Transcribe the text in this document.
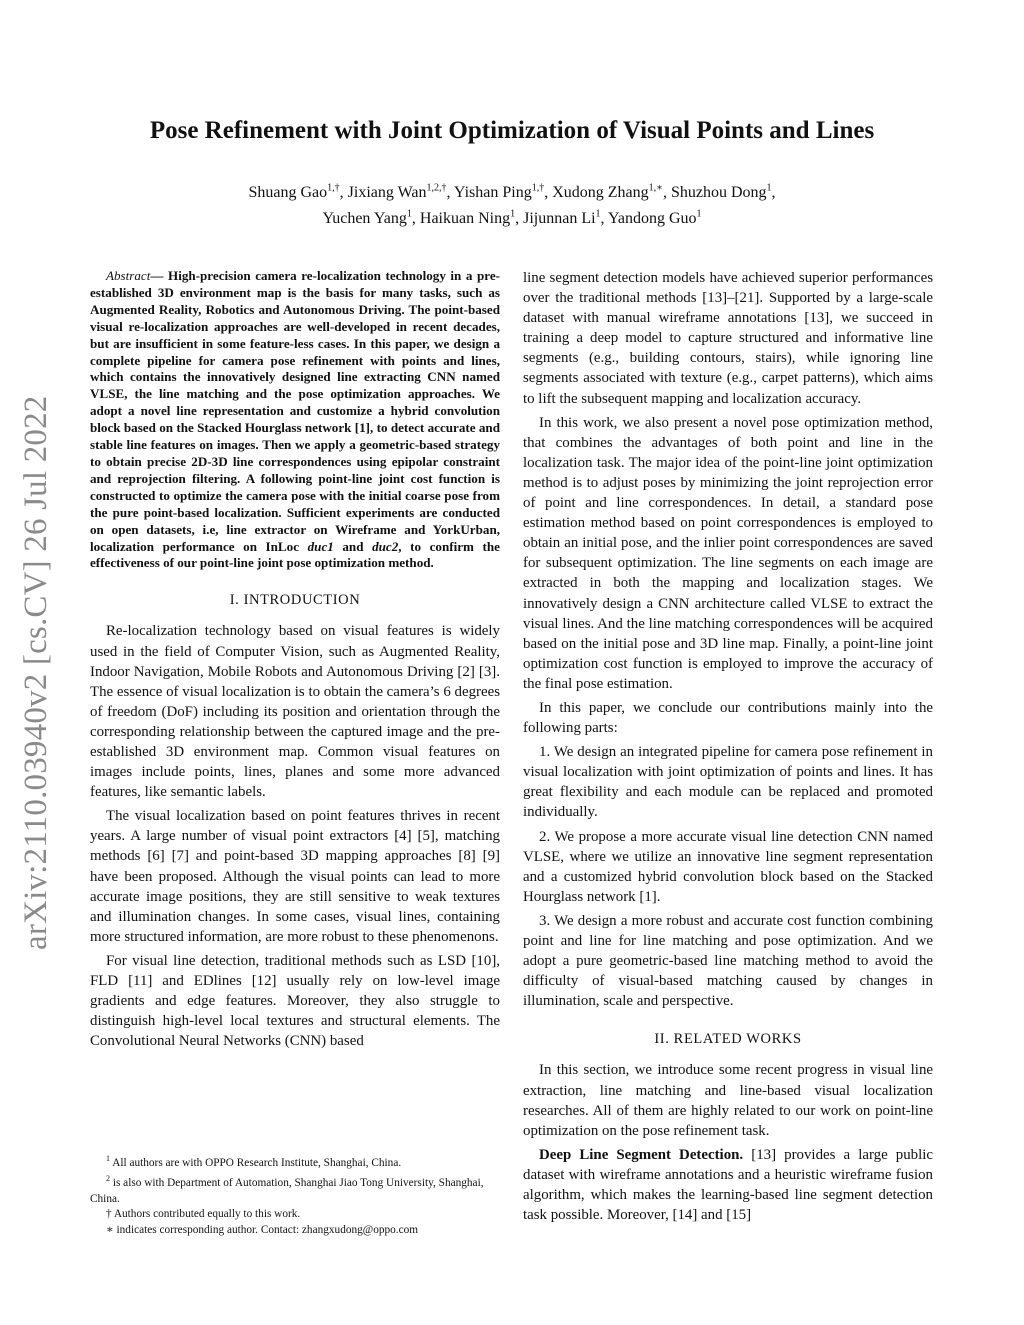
arXiv:2110.03940v2 [cs.CV] 26 Jul 2022
Pose Refinement with Joint Optimization of Visual Points and Lines
Shuang Gao$^{1,\dagger}$, Jixiang Wan$^{1,2,\dagger}$, Yishan Ping$^{1,\dagger}$, Xudong Zhang$^{1,∗}$, Shuzhou Dong$^1$,
Yuchen Yang$^1$, Haikuan Ning$^1$, Jijunnan Li$^1$, Yandong Guo$^1$

Abstract— High-precision camera re-localization technology in a pre-established 3D environment map is the basis for many tasks, such as Augmented Reality, Robotics and Autonomous Driving. The point-based visual re-localization approaches are well-developed in recent decades, but are insufficient in some feature-less cases. In this paper, we design a complete pipeline for camera pose refinement with points and lines, which contains the innovatively designed line extracting CNN named VLSE, the line matching and the pose optimization approaches. We adopt a novel line representation and customize a hybrid convolution block based on the Stacked Hourglass network [1], to detect accurate and stable line features on images. Then we apply a geometric-based strategy to obtain precise 2D-3D line correspondences using epipolar constraint and reprojection filtering. A following point-line joint cost function is constructed to optimize the camera pose with the initial coarse pose from the pure point-based localization. Sufficient experiments are conducted on open datasets, i.e, line extractor on Wireframe and YorkUrban, localization performance on InLoc duc1 and duc2, to confirm the effectiveness of our point-line joint pose optimization method.

I. INTRODUCTION

Re-localization technology based on visual features is widely used in the field of Computer Vision, such as Augmented Reality, Indoor Navigation, Mobile Robots and Autonomous Driving [2] [3]. The essence of visual localization is to obtain the camera’s 6 degrees of freedom (DoF) including its position and orientation through the corresponding relationship between the captured image and the pre-established 3D environment map. Common visual features on images include points, lines, planes and some more advanced features, like semantic labels.

The visual localization based on point features thrives in recent years. A large number of visual point extractors [4] [5], matching methods [6] [7] and point-based 3D mapping approaches [8] [9] have been proposed. Although the visual points can lead to more accurate image positions, they are still sensitive to weak textures and illumination changes. In some cases, visual lines, containing more structured information, are more robust to these phenomenons.

For visual line detection, traditional methods such as LSD [10], FLD [11] and EDlines [12] usually rely on low-level image gradients and edge features. Moreover, they also struggle to distinguish high-level local textures and structural elements. The Convolutional Neural Networks (CNN) based

$^1$ All authors are with OPPO Research Institute, Shanghai, China.
$^2$ is also with Department of Automation, Shanghai Jiao Tong University, Shanghai, China.
† Authors contributed equally to this work.
∗ indicates corresponding author. Contact: zhangxudong@oppo.com

line segment detection models have achieved superior performances over the traditional methods [13]–[21]. Supported by a large-scale dataset with manual wireframe annotations [13], we succeed in training a deep model to capture structured and informative line segments (e.g., building contours, stairs), while ignoring line segments associated with texture (e.g., carpet patterns), which aims to lift the subsequent mapping and localization accuracy.

In this work, we also present a novel pose optimization method, that combines the advantages of both point and line in the localization task. The major idea of the point-line joint optimization method is to adjust poses by minimizing the joint reprojection error of point and line correspondences. In detail, a standard pose estimation method based on point correspondences is employed to obtain an initial pose, and the inlier point correspondences are saved for subsequent optimization. The line segments on each image are extracted in both the mapping and localization stages. We innovatively design a CNN architecture called VLSE to extract the visual lines. And the line matching correspondences will be acquired based on the initial pose and 3D line map. Finally, a point-line joint optimization cost function is employed to improve the accuracy of the final pose estimation.

In this paper, we conclude our contributions mainly into the following parts:

1. We design an integrated pipeline for camera pose refinement in visual localization with joint optimization of points and lines. It has great flexibility and each module can be replaced and promoted individually.

2. We propose a more accurate visual line detection CNN named VLSE, where we utilize an innovative line segment representation and a customized hybrid convolution block based on the Stacked Hourglass network [1].

3. We design a more robust and accurate cost function combining point and line for line matching and pose optimization. And we adopt a pure geometric-based line matching method to avoid the difficulty of visual-based matching caused by changes in illumination, scale and perspective.

II. RELATED WORKS

In this section, we introduce some recent progress in visual line extraction, line matching and line-based visual localization researches. All of them are highly related to our work on point-line optimization on the pose refinement task.

Deep Line Segment Detection. [13] provides a large public dataset with wireframe annotations and a heuristic wireframe fusion algorithm, which makes the learning-based line segment detection task possible. Moreover, [14] and [15]
